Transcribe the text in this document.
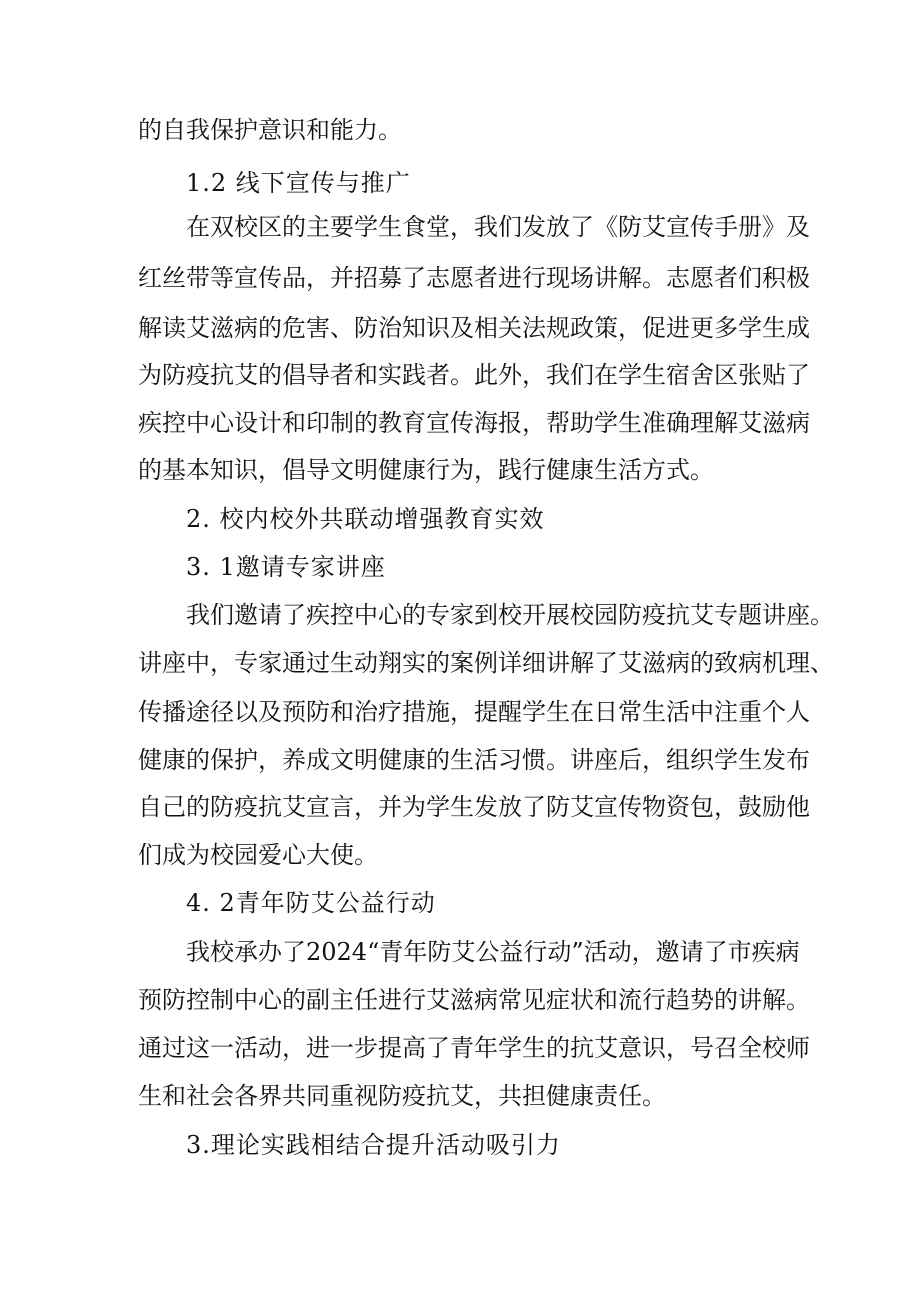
的自我保护意识和能力。

1.2 线下宣传与推广

在双校区的主要学生食堂，我们发放了《防艾宣传手册》及

红丝带等宣传品，并招募了志愿者进行现场讲解。志愿者们积极

解读艾滋病的危害、防治知识及相关法规政策，促进更多学生成

为防疫抗艾的倡导者和实践者。此外，我们在学生宿舍区张贴了

疾控中心设计和印制的教育宣传海报，帮助学生准确理解艾滋病

的基本知识，倡导文明健康行为，践行健康生活方式。

2. 校内校外共联动增强教育实效

3. 1邀请专家讲座

我们邀请了疾控中心的专家到校开展校园防疫抗艾专题讲座。

讲座中，专家通过生动翔实的案例详细讲解了艾滋病的致病机理、

传播途径以及预防和治疗措施，提醒学生在日常生活中注重个人

健康的保护，养成文明健康的生活习惯。讲座后，组织学生发布

自己的防疫抗艾宣言，并为学生发放了防艾宣传物资包，鼓励他

们成为校园爱心大使。

4. 2青年防艾公益行动

我校承办了2024“青年防艾公益行动”活动，邀请了市疾病

预防控制中心的副主任进行艾滋病常见症状和流行趋势的讲解。

通过这一活动，进一步提高了青年学生的抗艾意识，号召全校师

生和社会各界共同重视防疫抗艾，共担健康责任。

3.理论实践相结合提升活动吸引力
